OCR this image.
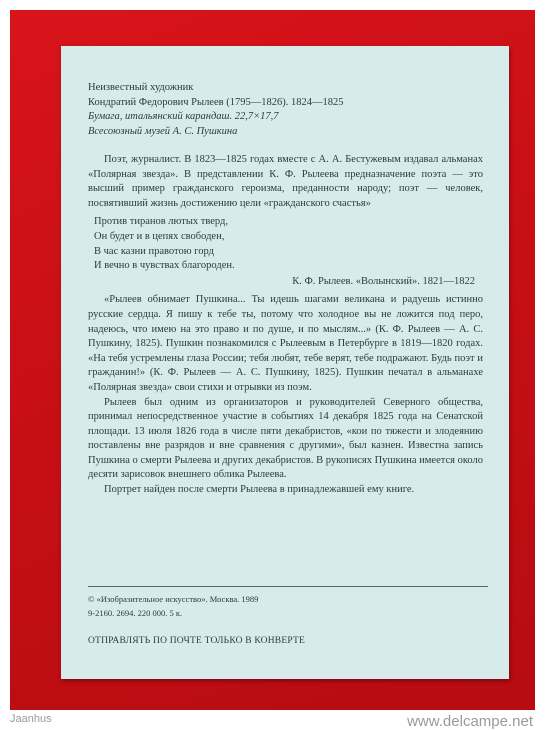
Неизвестный художник
Кондратий Федорович Рылеев (1795—1826). 1824—1825
Бумага, итальянский карандаш. 22,7×17,7
Всесоюзный музей А. С. Пушкина

Поэт, журналист. В 1823—1825 годах вместе с А. А. Бестужевым издавал альманах «Полярная звезда». В представлении К. Ф. Рылеева предназначение поэта — это высший пример гражданского героизма, преданности народу; поэт — человек, посвятивший жизнь достижению цели «гражданского счастья»

Против тиранов лютых тверд,
Он будет и в цепях свободен,
В час казни правотою горд
И вечно в чувствах благороден.
К. Ф. Рылеев. «Волынский». 1821—1822

«Рылеев обнимает Пушкина... Ты идешь шагами великана и радуешь истинно русские сердца. Я пишу к тебе ты, потому что холодное вы не ложится под перо, надеюсь, что имею на это право и по душе, и по мыслям...» (К. Ф. Рылеев — А. С. Пушкину, 1825). Пушкин познакомился с Рылеевым в Петербурге в 1819—1820 годах. «На тебя устремлены глаза России; тебя любят, тебе верят, тебе подражают. Будь поэт и гражданин!» (К. Ф. Рылеев — А. С. Пушкину, 1825). Пушкин печатал в альманахе «Полярная звезда» свои стихи и отрывки из поэм.

Рылеев был одним из организаторов и руководителей Северного общества, принимал непосредственное участие в событиях 14 декабря 1825 года на Сенатской площади. 13 июля 1826 года в числе пяти декабристов, «кои по тяжести и злодеянию поставлены вне разрядов и вне сравнения с другими», был казнен. Известна запись Пушкина о смерти Рылеева и других декабристов. В рукописях Пушкина имеется около десяти зарисовок внешнего облика Рылеева.

Портрет найден после смерти Рылеева в принадлежавшей ему книге.

© «Изобразительное искусство». Москва. 1989
9-2160. 2694. 220 000. 5 к.
ОТПРАВЛЯТЬ ПО ПОЧТЕ ТОЛЬКО В КОНВЕРТЕ
Jaanhus	www.delcampe.net
